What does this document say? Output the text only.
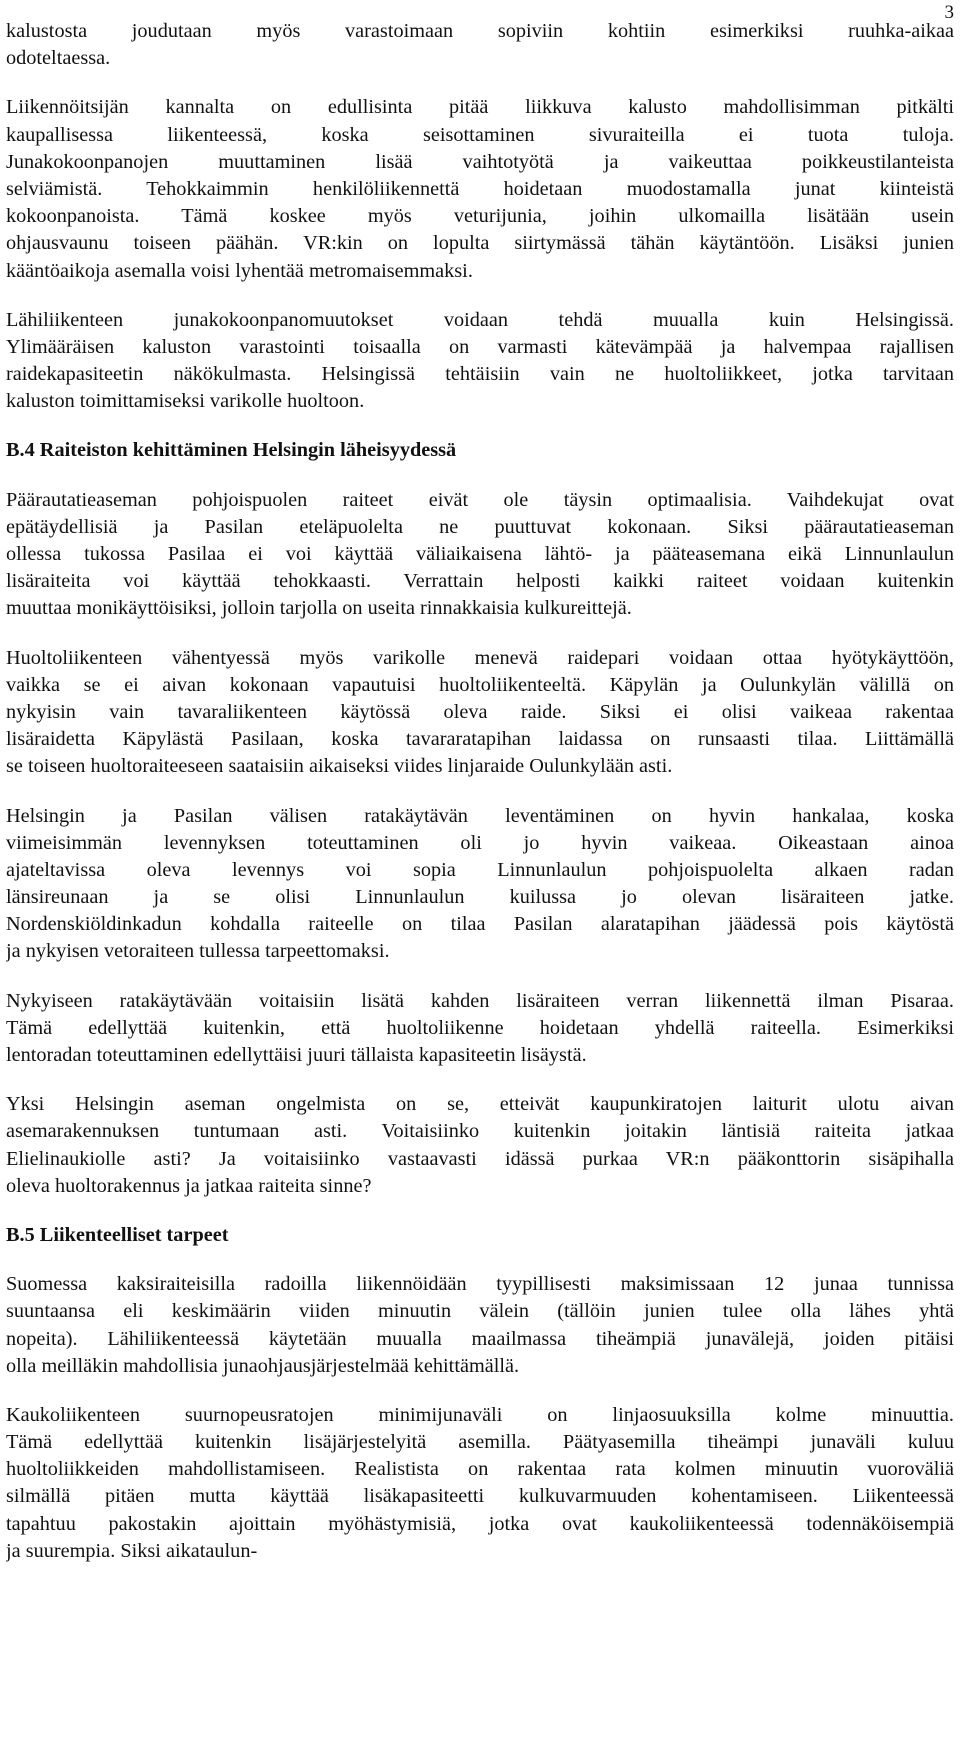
3
kalustosta joudutaan myös varastoimaan sopiviin kohtiin esimerkiksi ruuhka-aikaa
odoteltaessa.
Liikennöitsijän kannalta on edullisinta pitää liikkuva kalusto mahdollisimman pitkälti
kaupallisessa liikenteessä, koska seisottaminen sivuraiteilla ei tuota tuloja.
Junakokoonpanojen muuttaminen lisää vaihtotyötä ja vaikeuttaa poikkeustilanteista
selviämistä. Tehokkaimmin henkilöliikennettä hoidetaan muodostamalla junat kiinteistä
kokoonpanoista. Tämä koskee myös veturijunia, joihin ulkomailla lisätään usein
ohjausvaunu toiseen päähän. VR:kin on lopulta siirtymässä tähän käytäntöön. Lisäksi junien
kääntöaikoja asemalla voisi lyhentää metromaisemmaksi.
Lähiliikenteen junakokoonpanomuutokset voidaan tehdä muualla kuin Helsingissä.
Ylimääräisen kaluston varastointi toisaalla on varmasti kätevämpää ja halvempaa rajallisen
raidekapasiteetin näkökulmasta. Helsingissä tehtäisiin vain ne huoltoliikkeet, jotka tarvitaan
kaluston toimittamiseksi varikolle huoltoon.
B.4 Raiteiston kehittäminen Helsingin läheisyydessä
Päärautatieaseman pohjoispuolen raiteet eivät ole täysin optimaalisia. Vaihdekujat ovat
epätäydellisiä ja Pasilan eteläpuolelta ne puuttuvat kokonaan. Siksi päärautatieaseman
ollessa tukossa Pasilaa ei voi käyttää väliaikaisena lähtö- ja pääteasemana eikä Linnunlaulun
lisäraiteita voi käyttää tehokkaasti. Verrattain helposti kaikki raiteet voidaan kuitenkin
muuttaa monikäyttöisiksi, jolloin tarjolla on useita rinnakkaisia kulkureittejä.
Huoltoliikenteen vähentyessä myös varikolle menevä raidepari voidaan ottaa hyötykäyttöön,
vaikka se ei aivan kokonaan vapautuisi huoltoliikenteeltä. Käpylän ja Oulunkylän välillä on
nykyisin vain tavaraliikenteen käytössä oleva raide. Siksi ei olisi vaikeaa rakentaa
lisäraidetta Käpylästä Pasilaan, koska tavararatapihan laidassa on runsaasti tilaa. Liittämällä
se toiseen huoltoraiteeseen saataisiin aikaiseksi viides linjaraide Oulunkylään asti.
Helsingin ja Pasilan välisen ratakäytävän leventäminen on hyvin hankalaa, koska
viimeisimmän levennyksen toteuttaminen oli jo hyvin vaikeaa. Oikeastaan ainoa
ajateltavissa oleva levennys voi sopia Linnunlaulun pohjoispuolelta alkaen radan
länsireunaan ja se olisi Linnunlaulun kuilussa jo olevan lisäraiteen jatke.
Nordenskiöldinkadun kohdalla raiteelle on tilaa Pasilan alaratapihan jäädessä pois käytöstä
ja nykyisen vetoraiteen tullessa tarpeettomaksi.
Nykyiseen ratakäytävään voitaisiin lisätä kahden lisäraiteen verran liikennettä ilman Pisaraa.
Tämä edellyttää kuitenkin, että huoltoliikenne hoidetaan yhdellä raiteella. Esimerkiksi
lentoradan toteuttaminen edellyttäisi juuri tällaista kapasiteetin lisäystä.
Yksi Helsingin aseman ongelmista on se, etteivät kaupunkiratojen laiturit ulotu aivan
asemarakennuksen tuntumaan asti. Voitaisiinko kuitenkin joitakin läntisiä raiteita jatkaa
Elielinaukiolle asti? Ja voitaisiinko vastaavasti idässä purkaa VR:n pääkonttorin sisäpihalla
oleva huoltorakennus ja jatkaa raiteita sinne?
B.5 Liikenteelliset tarpeet
Suomessa kaksiraiteisilla radoilla liikennöidään tyypillisesti maksimissaan 12 junaa tunnissa
suuntaansa eli keskimäärin viiden minuutin välein (tällöin junien tulee olla lähes yhtä
nopeita). Lähiliikenteessä käytetään muualla maailmassa tiheämpiä junavälejä, joiden pitäisi
olla meilläkin mahdollisia junaohjausjärjestelmää kehittämällä.
Kaukoliikenteen suurnopeusratojen minimijunaväli on linjaosuuksilla kolme minuuttia.
Tämä edellyttää kuitenkin lisäjärjestelyitä asemilla. Päätyasemilla tiheämpi junaväli kuluu
huoltoliikkeiden mahdollistamiseen. Realistista on rakentaa rata kolmen minuutin vuoroväliä
silmällä pitäen mutta käyttää lisäkapasiteetti kulkuvarmuuden kohentamiseen. Liikenteessä
tapahtuu pakostakin ajoittain myöhästymisiä, jotka ovat kaukoliikenteessä todennäköisempiä
ja suurempia. Siksi aikataulun-
